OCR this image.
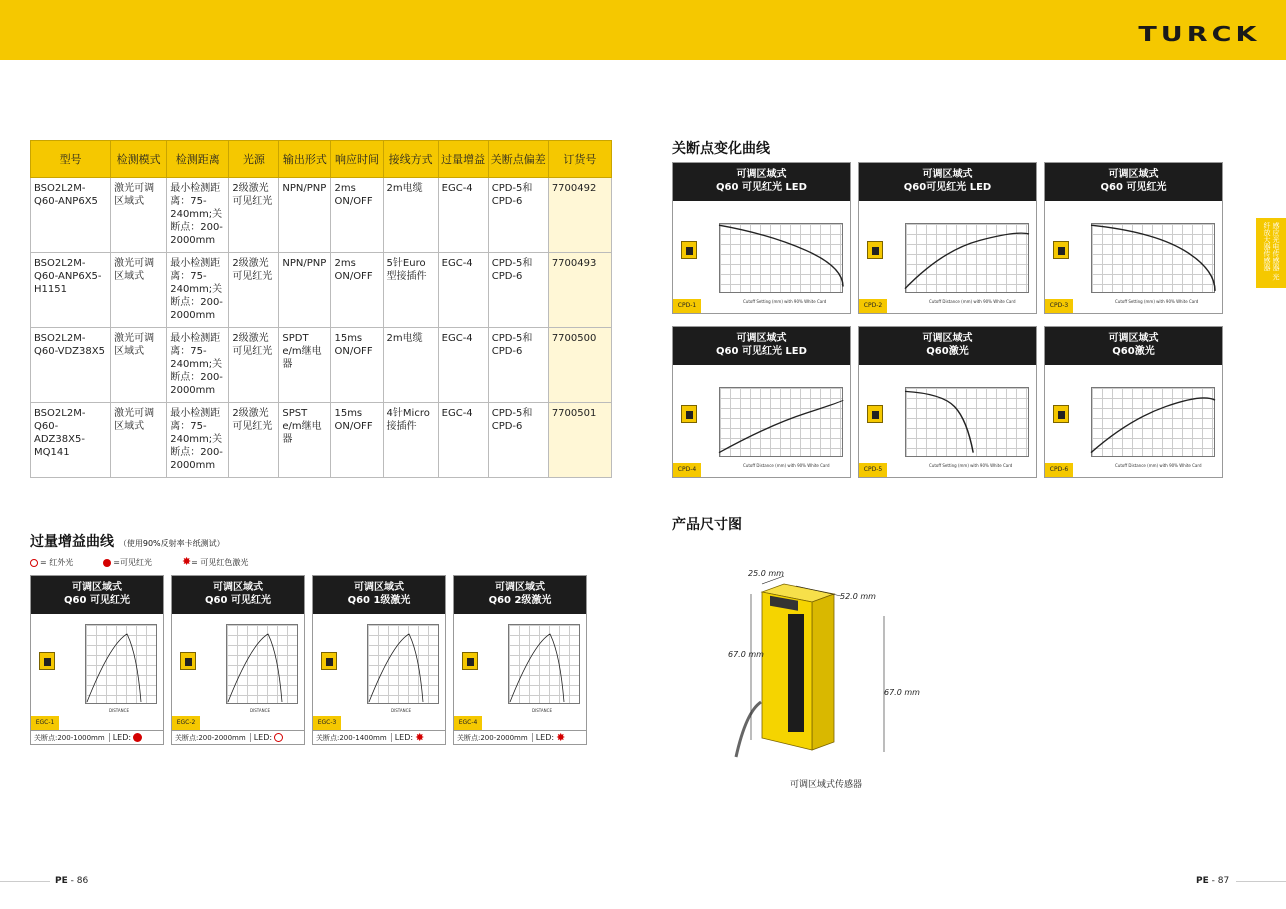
TURCK
感应光电传感器 光纤放大器传感器
型号	检测模式	检测距离	光源	输出形式	响应时间	接线方式	过量增益	关断点偏差	订货号
BSO2L2M-Q60-ANP6X5	激光可调区域式	最小检测距离：75-240mm;关断点：200-2000mm	2级激光可见红光	NPN/PNP	2ms ON/OFF	2m电缆	EGC-4	CPD-5和CPD-6	7700492
BSO2L2M-Q60-ANP6X5-H1151	激光可调区域式	最小检测距离：75-240mm;关断点：200-2000mm	2级激光可见红光	NPN/PNP	2ms ON/OFF	5针Euro型接插件	EGC-4	CPD-5和CPD-6	7700493
BSO2L2M-Q60-VDZ38X5	激光可调区域式	最小检测距离：75-240mm;关断点：200-2000mm	2级激光可见红光	SPDT e/m继电器	15ms ON/OFF	2m电缆	EGC-4	CPD-5和CPD-6	7700500
BSO2L2M-Q60-ADZ38X5-MQ141	激光可调区域式	最小检测距离：75-240mm;关断点：200-2000mm	2级激光可见红光	SPST e/m继电器	15ms ON/OFF	4针Micro接插件	EGC-4	CPD-5和CPD-6	7700501
过量增益曲线 （使用90%反射率卡纸测试）
= 红外光	=可见红光	✸= 可见红色激光
可调区域式
Q60 可见红光
DISTANCE
EGC-1
关断点:200-1000mm LED:
可调区域式
Q60 可见红光
DISTANCE
EGC-2
关断点:200-2000mm LED:
可调区域式
Q60 1级激光
DISTANCE
EGC-3
关断点:200-1400mm LED: ✸
可调区域式
Q60 2级激光
DISTANCE
EGC-4
关断点:200-2000mm LED: ✸
关断点变化曲线
可调区域式
Q60 可见红光 LED
Cutoff Setting (mm) with 90% White Card
CPD-1
可调区域式
Q60可见红光 LED
Cutoff Distance (mm) with 90% White Card
CPD-2
可调区域式
Q60 可见红光
Cutoff Setting (mm) with 90% White Card
CPD-3
可调区域式
Q60 可见红光 LED
Cutoff Distance (mm) with 90% White Card
CPD-4
可调区域式
Q60激光
Cutoff Setting (mm) with 90% White Card
CPD-5
可调区域式
Q60激光
Cutoff Distance (mm) with 90% White Card
CPD-6
产品尺寸图
25.0 mm
52.0 mm
67.0 mm
67.0 mm
可调区域式传感器
PE - 86	PE - 87
